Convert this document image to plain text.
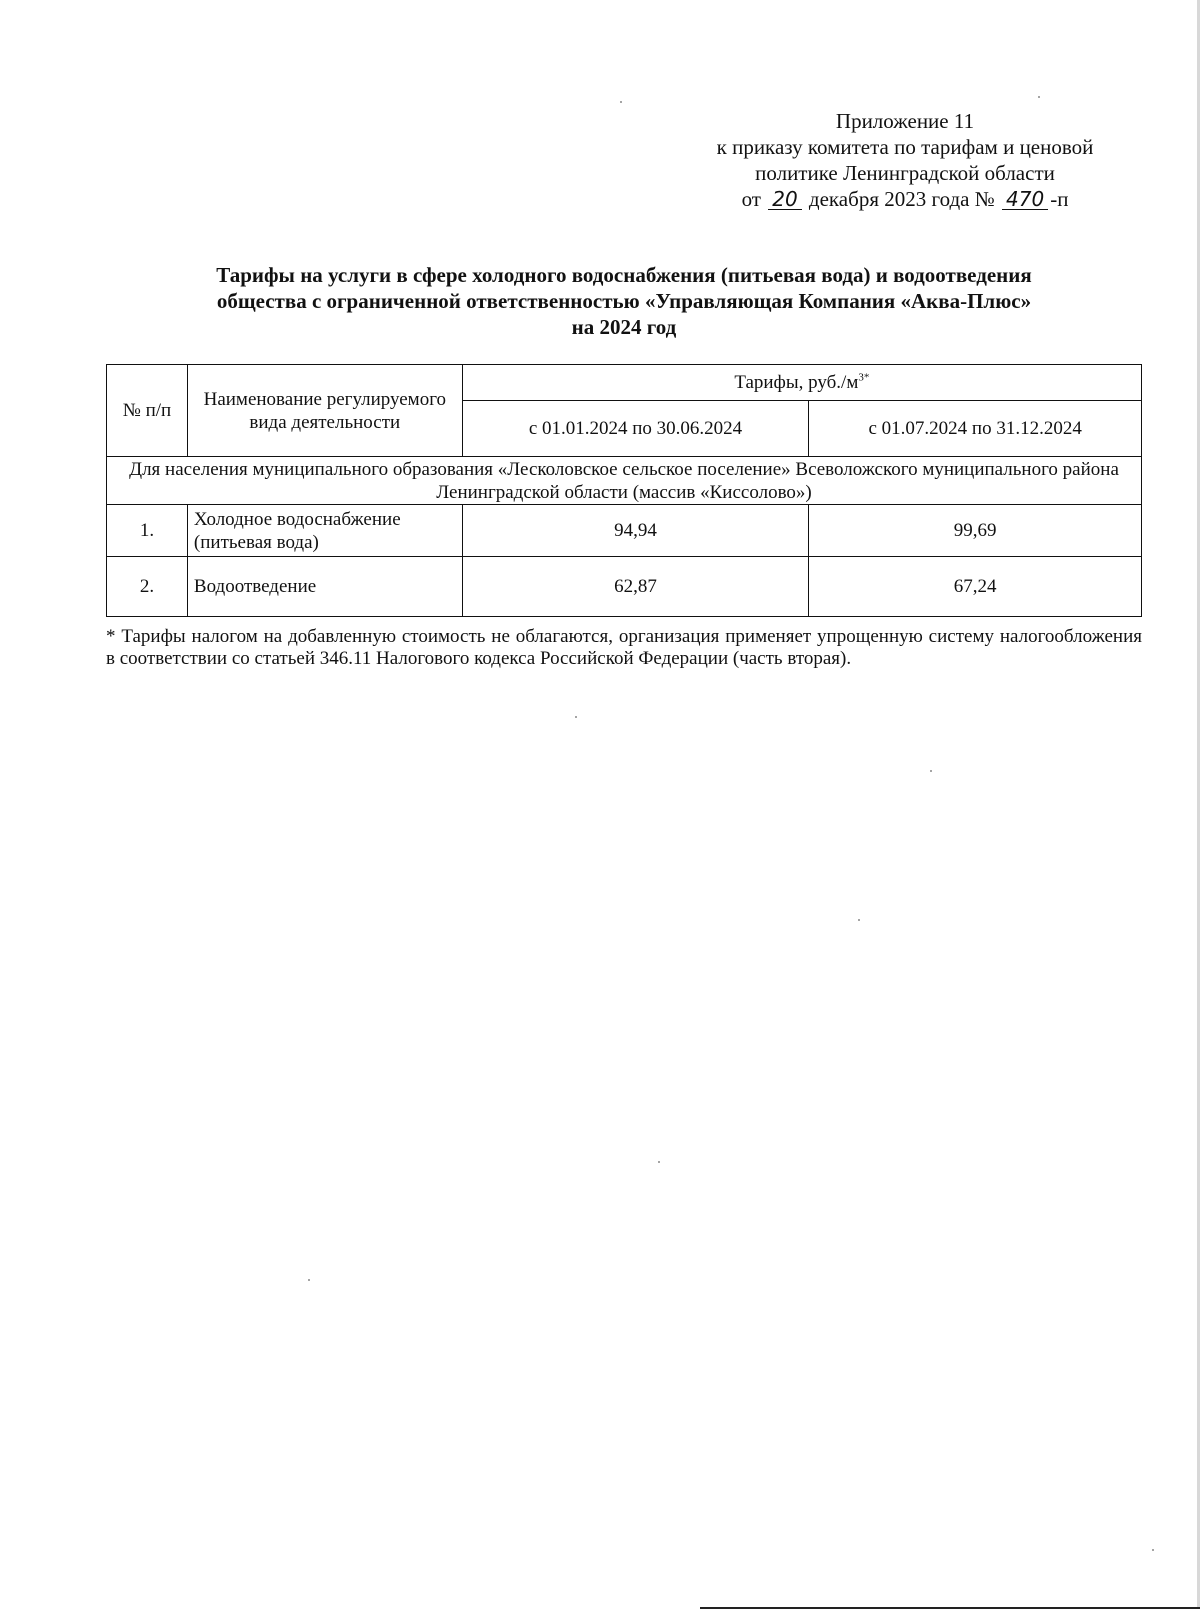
Приложение 11
к приказу комитета по тарифам и ценовой
политике Ленинградской области
от 20 декабря 2023 года № 470 -п
Тарифы на услуги в сфере холодного водоснабжения (питьевая вода) и водоотведения
общества с ограниченной ответственностью «Управляющая Компания «Аква-Плюс»
на 2024 год
№ п/п	Наименование регулируемого вида деятельности	Тарифы, $руб./м^{3*}$
		с 01.01.2024 по 30.06.2024	с 01.07.2024 по 31.12.2024
Для населения муниципального образования «Лесколовское сельское поселение» Всеволожского муниципального района Ленинградской области (массив «Киссолово»)			
1.	Холодное водоснабжение (питьевая вода)	94,94	99,69
2.	Водоотведение	62,87	67,24
* Тарифы налогом на добавленную стоимость не облагаются, организация применяет упрощенную систему налогообложения в соответствии со статьей 346.11 Налогового кодекса Российской Федерации (часть вторая).
